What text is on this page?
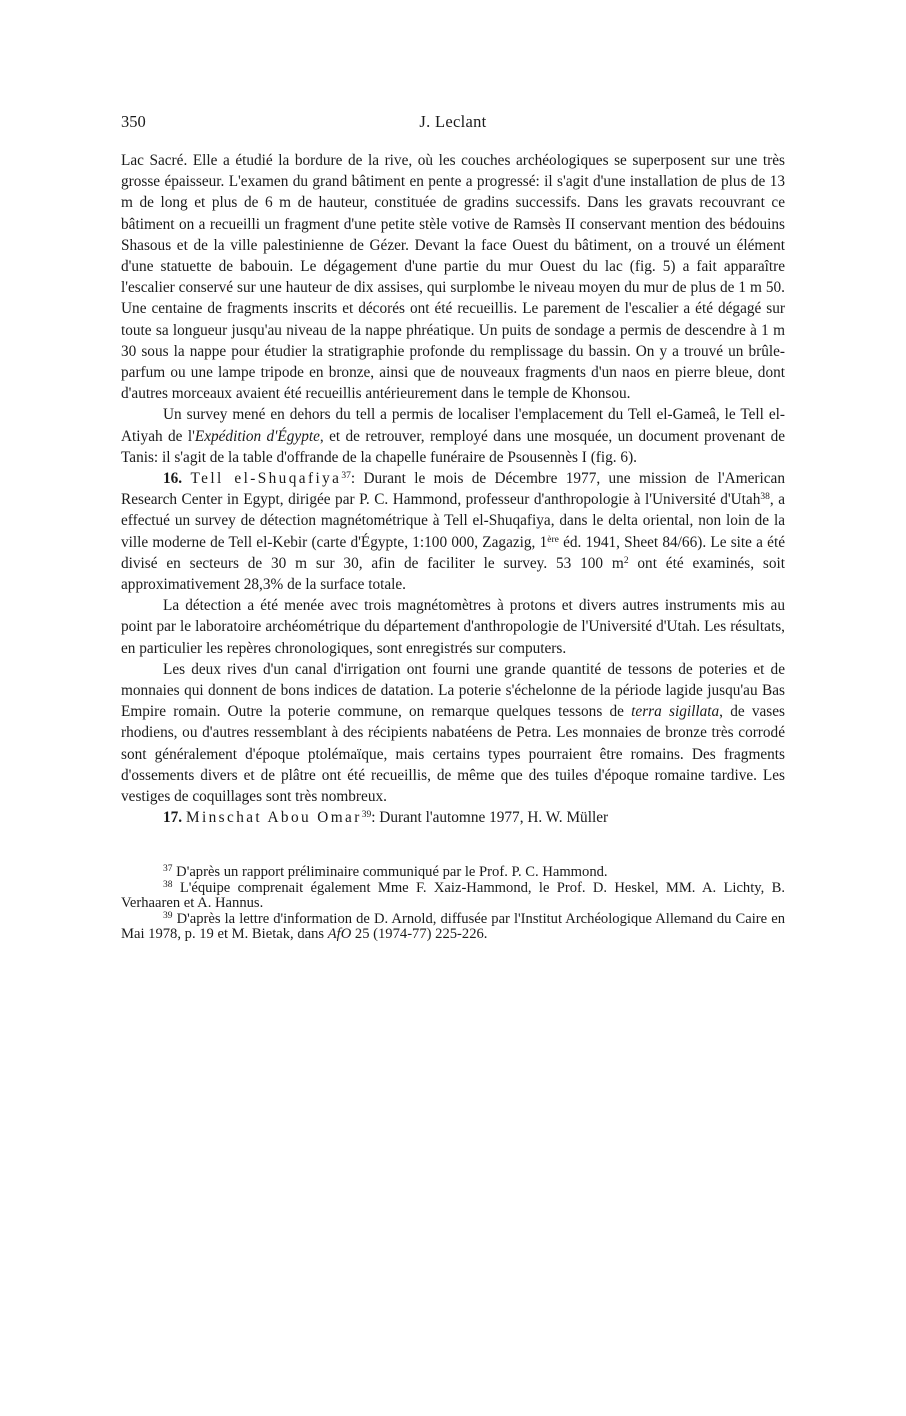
350	J. Leclant

Lac Sacré. Elle a étudié la bordure de la rive, où les couches archéologiques se superposent sur une très grosse épaisseur. L'examen du grand bâtiment en pente a progressé: il s'agit d'une installation de plus de 13 m de long et plus de 6 m de hauteur, constituée de gradins successifs. Dans les gravats recouvrant ce bâtiment on a recueilli un fragment d'une petite stèle votive de Ramsès II conservant mention des bédouins Shasous et de la ville palestinienne de Gézer. Devant la face Ouest du bâtiment, on a trouvé un élément d'une statuette de babouin. Le dégagement d'une partie du mur Ouest du lac (fig. 5) a fait apparaître l'escalier conservé sur une hauteur de dix assises, qui surplombe le niveau moyen du mur de plus de 1 m 50. Une centaine de fragments inscrits et décorés ont été recueillis. Le parement de l'escalier a été dégagé sur toute sa longueur jusqu'au niveau de la nappe phréatique. Un puits de sondage a permis de descendre à 1 m 30 sous la nappe pour étudier la stratigraphie profonde du remplissage du bassin. On y a trouvé un brûle-parfum ou une lampe tripode en bronze, ainsi que de nouveaux fragments d'un naos en pierre bleue, dont d'autres morceaux avaient été recueillis antérieurement dans le temple de Khonsou.

Un survey mené en dehors du tell a permis de localiser l'emplacement du Tell el-Gameâ, le Tell el-Atiyah de l'Expédition d'Égypte, et de retrouver, remployé dans une mosquée, un document provenant de Tanis: il s'agit de la table d'offrande de la chapelle funéraire de Psousennès I (fig. 6).

16. Tell el-Shuqafiya$^{37}$: Durant le mois de Décembre 1977, une mission de l'American Research Center in Egypt, dirigée par P. C. Hammond, professeur d'anthropologie à l'Université d'Utah$^{38}$, a effectué un survey de détection magnétométrique à Tell el-Shuqafiya, dans le delta oriental, non loin de la ville moderne de Tell el-Kebir (carte d'Égypte, 1:100 000, Zagazig, 1ère éd. 1941, Sheet 84/66). Le site a été divisé en secteurs de 30 m sur 30, afin de faciliter le survey. 53 100 $m^2$ ont été examinés, soit approximativement 28,3% de la surface totale.

La détection a été menée avec trois magnétomètres à protons et divers autres instruments mis au point par le laboratoire archéométrique du département d'anthropologie de l'Université d'Utah. Les résultats, en particulier les repères chronologiques, sont enregistrés sur computers.

Les deux rives d'un canal d'irrigation ont fourni une grande quantité de tessons de poteries et de monnaies qui donnent de bons indices de datation. La poterie s'échelonne de la période lagide jusqu'au Bas Empire romain. Outre la poterie commune, on remarque quelques tessons de terra sigillata, de vases rhodiens, ou d'autres ressemblant à des récipients nabatéens de Petra. Les monnaies de bronze très corrodé sont généralement d'époque ptolémaïque, mais certains types pourraient être romains. Des fragments d'ossements divers et de plâtre ont été recueillis, de même que des tuiles d'époque romaine tardive. Les vestiges de coquillages sont très nombreux.

17. Minschat Abou Omar$^{39}$: Durant l'automne 1977, H. W. Müller

$^{37}$ D'après un rapport préliminaire communiqué par le Prof. P. C. Hammond.

$^{38}$ L'équipe comprenait également Mme F. Xaiz-Hammond, le Prof. D. Heskel, MM. A. Lichty, B. Verhaaren et A. Hannus.

$^{39}$ D'après la lettre d'information de D. Arnold, diffusée par l'Institut Archéologique Allemand du Caire en Mai 1978, p. 19 et M. Bietak, dans AfO 25 (1974-77) 225-226.
